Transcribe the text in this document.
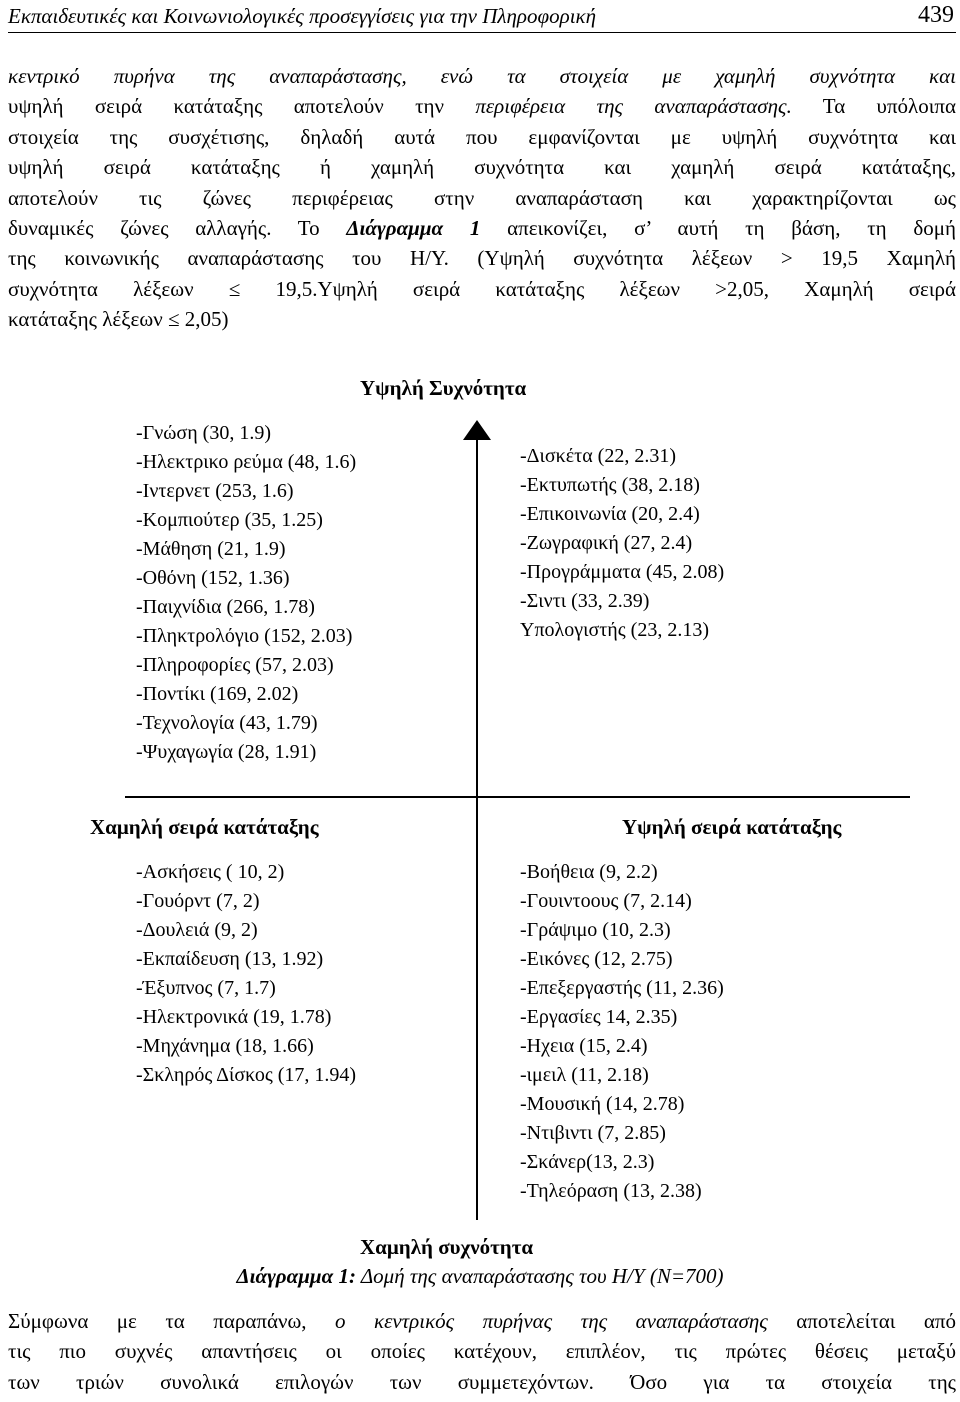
Εκπαιδευτικές και Κοινωνιολογικές προσεγγίσεις για την Πληροφορική	439
κεντρικό πυρήνα της αναπαράστασης, ενώ τα στοιχεία με χαμηλή συχνότητα και
υψηλή σειρά κατάταξης αποτελούν την περιφέρεια της αναπαράστασης. Τα υπόλοιπα
στοιχεία της συσχέτισης, δηλαδή αυτά που εμφανίζονται με υψηλή συχνότητα και
υψηλή σειρά κατάταξης ή χαμηλή συχνότητα και χαμηλή σειρά κατάταξης,
αποτελούν τις ζώνες περιφέρειας στην αναπαράσταση και χαρακτηρίζονται ως
δυναμικές ζώνες αλλαγής. Το Διάγραμμα 1 απεικονίζει, σ’ αυτή τη βάση, τη δομή
της κοινωνικής αναπαράστασης του Η/Υ. (Υψηλή συχνότητα λέξεων > 19,5 Χαμηλή
συχνότητα λέξεων ≤ 19,5.Υψηλή σειρά κατάταξης λέξεων >2,05, Χαμηλή σειρά
κατάταξης λέξεων ≤ 2,05)
Υψηλή Συχνότητα
Χαμηλή σειρά κατάταξης	Υψηλή σειρά κατάταξης
Χαμηλή συχνότητα
-Γνώση (30, 1.9)
-Ηλεκτρικο ρεύμα (48, 1.6)
-Ιντερνετ (253, 1.6)
-Κομπιούτερ (35, 1.25)
-Μάθηση (21, 1.9)
-Οθόνη (152, 1.36)
-Παιχνίδια (266, 1.78)
-Πληκτρολόγιο (152, 2.03)
-Πληροφορίες (57, 2.03)
-Ποντίκι (169, 2.02)
-Τεχνολογία (43, 1.79)
-Ψυχαγωγία (28, 1.91)
-Δισκέτα (22, 2.31)
-Εκτυπωτής (38, 2.18)
-Επικοινωνία (20, 2.4)
-Ζωγραφική (27, 2.4)
-Προγράμματα (45, 2.08)
-Σιντι (33, 2.39)
Υπολογιστής (23, 2.13)
-Ασκήσεις ( 10, 2)
-Γουόρντ (7, 2)
-Δουλειά (9, 2)
-Εκπαίδευση (13, 1.92)
-Έξυπνος (7, 1.7)
-Ηλεκτρονικά (19, 1.78)
-Μηχάνημα (18, 1.66)
-Σκληρός Δίσκος (17, 1.94)
-Βοήθεια (9, 2.2)
-Γουιντοους (7, 2.14)
-Γράψιμο (10, 2.3)
-Εικόνες (12, 2.75)
-Επεξεργαστής (11, 2.36)
-Εργασίες 14, 2.35)
-Ηχεια (15, 2.4)
-ιμειλ (11, 2.18)
-Μουσική (14, 2.78)
-Ντιβιντι (7, 2.85)
-Σκάνερ(13, 2.3)
-Τηλεόραση (13, 2.38)
Διάγραμμα 1: Δομή της αναπαράστασης του Η/Υ (Ν=700)
Σύμφωνα με τα παραπάνω, ο κεντρικός πυρήνας της αναπαράστασης αποτελείται από
τις πιο συχνές απαντήσεις οι οποίες κατέχουν, επιπλέον, τις πρώτες θέσεις μεταξύ
των τριών συνολικά επιλογών των συμμετεχόντων. Όσο για τα στοιχεία της
